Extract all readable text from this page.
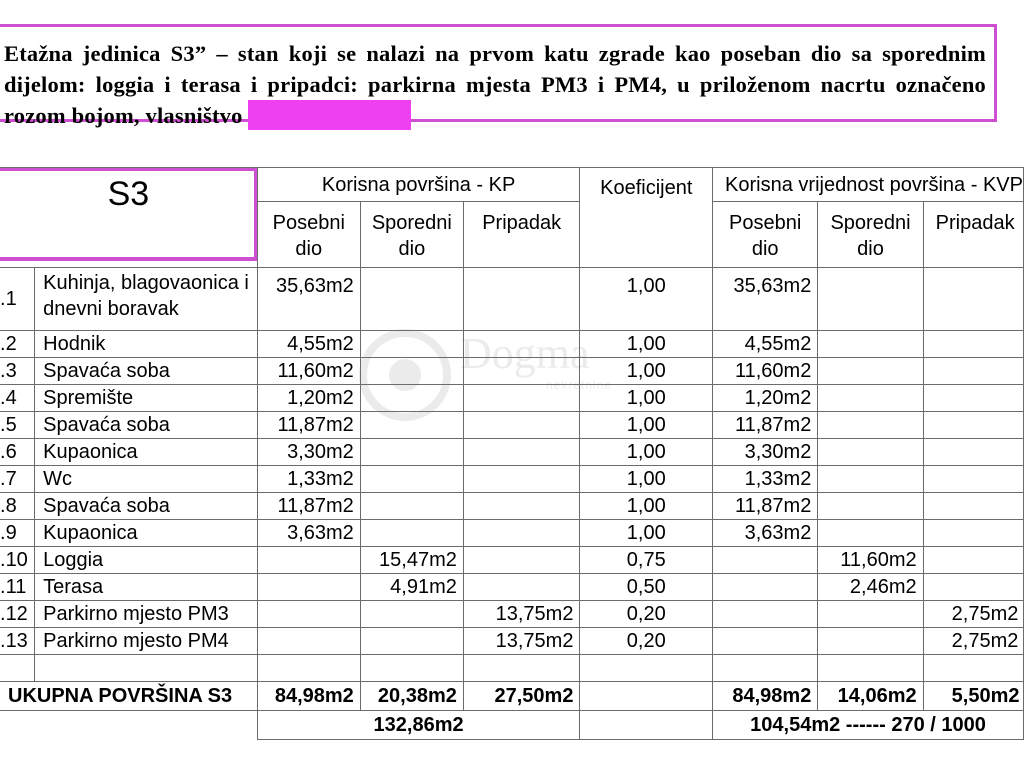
Etažna jedinica S3” – stan koji se nalazi na prvom katu zgrade kao poseban dio sa sporednim dijelom: loggia i terasa i pripadci: parkirna mjesta PM3 i PM4, u priloženom nacrtu označeno rozom bojom, vlasništvo
S3		Korisna površina - KP			Koeficijent	Korisna vrijednost površina - KVP		
		Posebni dio	Sporedni dio	Pripadak		Posebni dio	Sporedni dio	Pripadak
1.	Kuhinja, blagovaonica i dnevni boravak	35,63m2			1,00	35,63m2		
2.	Hodnik	4,55m2			1,00	4,55m2		
3.	Spavaća soba	11,60m2			1,00	11,60m2		
4.	Spremište	1,20m2			1,00	1,20m2		
5.	Spavaća soba	11,87m2			1,00	11,87m2		
6.	Kupaonica	3,30m2			1,00	3,30m2		
7.	Wc	1,33m2			1,00	1,33m2		
8.	Spavaća soba	11,87m2			1,00	11,87m2		
9.	Kupaonica	3,63m2			1,00	3,63m2		
10.	Loggia		15,47m2		0,75		11,60m2	
11.	Terasa		4,91m2		0,50		2,46m2	
12.	Parkirno mjesto PM3			13,75m2	0,20			2,75m2
13.	Parkirno mjesto PM4			13,75m2	0,20			2,75m2

UKUPNA POVRŠINA S3		84,98m2	20,38m2	27,50m2		84,98m2	14,06m2	5,50m2
		132,86m2				104,54m2 ------ 270 / 1000		
Dogma
nekretnine
